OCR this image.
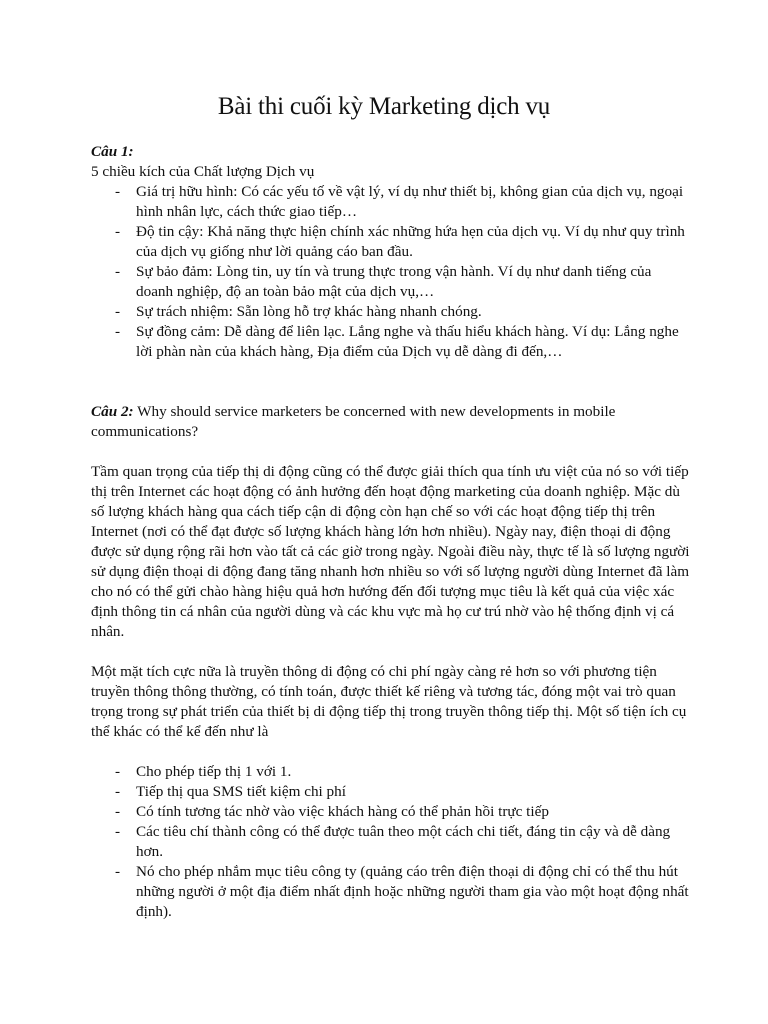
Bài thi cuối kỳ Marketing dịch vụ

Câu 1:

5 chiều kích của Chất lượng Dịch vụ

- Giá trị hữu hình: Có các yếu tố về vật lý, ví dụ như thiết bị, không gian của dịch vụ, ngoại hình nhân lực, cách thức giao tiếp…
- Độ tin cậy: Khả năng thực hiện chính xác những hứa hẹn của dịch vụ. Ví dụ như quy trình của dịch vụ giống như lời quảng cáo ban đầu.
- Sự bảo đảm: Lòng tin, uy tín và trung thực trong vận hành. Ví dụ như danh tiếng của doanh nghiệp, độ an toàn bảo mật của dịch vụ,…
- Sự trách nhiệm: Sẵn lòng hỗ trợ khác hàng nhanh chóng.
- Sự đồng cảm: Dễ dàng để liên lạc. Lắng nghe và thấu hiểu khách hàng. Ví dụ: Lắng nghe lời phàn nàn của khách hàng, Địa điểm của Dịch vụ dễ dàng đi đến,…

Câu 2: Why should service marketers be concerned with new developments in mobile communications?

Tầm quan trọng của tiếp thị di động cũng có thể được giải thích qua tính ưu việt của nó so với tiếp thị trên Internet các hoạt động có ảnh hưởng đến hoạt động marketing của doanh nghiệp. Mặc dù số lượng khách hàng qua cách tiếp cận di động còn hạn chế so với các hoạt động tiếp thị trên Internet (nơi có thể đạt được số lượng khách hàng lớn hơn nhiều). Ngày nay, điện thoại di động được sử dụng rộng rãi hơn vào tất cả các giờ trong ngày. Ngoài điều này, thực tế là số lượng người sử dụng điện thoại di động đang tăng nhanh hơn nhiều so với số lượng người dùng Internet đã làm cho nó có thể gửi chào hàng hiệu quả hơn hướng đến đối tượng mục tiêu là kết quả của việc xác định thông tin cá nhân của người dùng và các khu vực mà họ cư trú nhờ vào hệ thống định vị cá nhân.

Một mặt tích cực nữa là truyền thông di động có chi phí ngày càng rẻ hơn so với phương tiện truyền thông thông thường, có tính toán, được thiết kế riêng và tương tác, đóng một vai trò quan trọng trong sự phát triển của thiết bị di động tiếp thị trong truyền thông tiếp thị. Một số tiện ích cụ thể khác có thể kể đến như là

- Cho phép tiếp thị 1 với 1.
- Tiếp thị qua SMS tiết kiệm chi phí
- Có tính tương tác nhờ vào việc khách hàng có thể phản hồi trực tiếp
- Các tiêu chí thành công có thể được tuân theo một cách chi tiết, đáng tin cậy và dễ dàng hơn.
- Nó cho phép nhắm mục tiêu công ty (quảng cáo trên điện thoại di động chỉ có thể thu hút những người ở một địa điểm nhất định hoặc những người tham gia vào một hoạt động nhất định).
